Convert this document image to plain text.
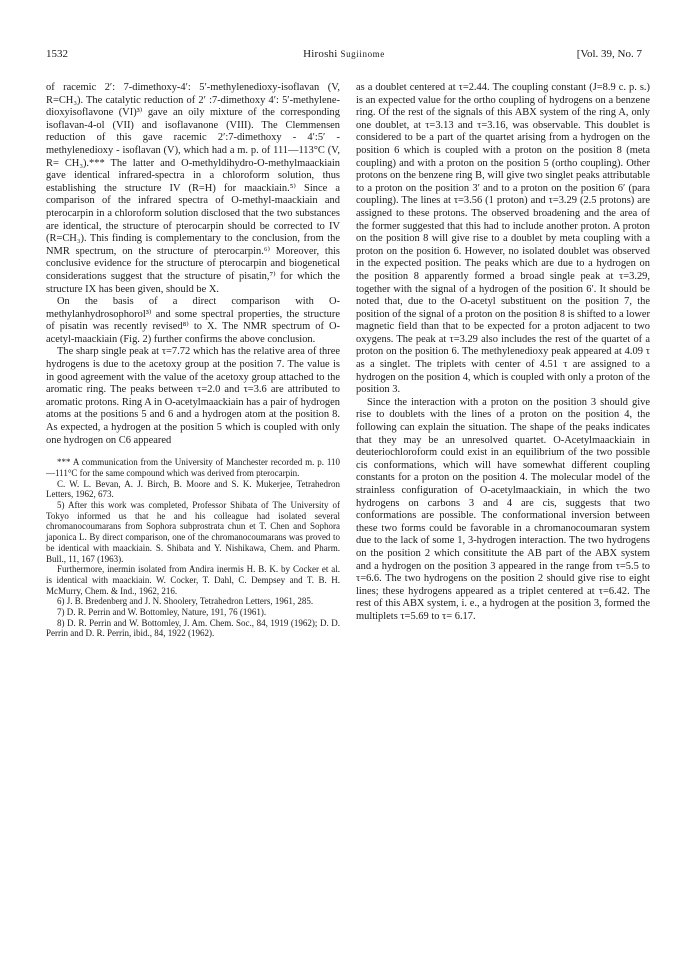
1532	Hiroshi Sugiinome	[Vol. 39, No. 7

of racemic 2′: 7-dimethoxy-4′: 5′-methylenedioxy-isoflavan (V, R=CH₃). The catalytic reduction of 2′ :7-dimethoxy 4′: 5′-methylene-dioxyisoflavone (VI)³⁾ gave an oily mixture of the corresponding isoflavan-4-ol (VII) and isoflavanone (VIII). The Clemmensen reduction of this gave racemic 2′:7-dimethoxy - 4′:5′ - methylenedioxy - isoflavan (V), which had a m. p. of 111—113°C (V, R= CH₃).*** The latter and O-methyldihydro-O-methylmaackiain gave identical infrared-spectra in a chloroform solution, thus establishing the structure IV (R=H) for maackiain.⁵⁾ Since a comparison of the infrared spectra of O-methyl-maackiain and pterocarpin in a chloroform solution disclosed that the two substances are identical, the structure of pterocarpin should be corrected to IV (R=CH₃). This finding is complementary to the conclusion, from the NMR spectrum, on the structure of pterocarpin.⁶⁾ Moreover, this conclusive evidence for the structure of pterocarpin and biogenetical considerations suggest that the structure of pisatin,⁷⁾ for which the structure IX has been given, should be X.

On the basis of a direct comparison with O-methylanhydrosophorol³⁾ and some spectral properties, the structure of pisatin was recently revised⁸⁾ to X. The NMR spectrum of O-acetyl-maackiain (Fig. 2) further confirms the above conclusion.

The sharp single peak at τ=7.72 which has the relative area of three hydrogens is due to the acetoxy group at the position 7. The value is in good agreement with the value of the acetoxy group attached to the aromatic ring. The peaks between τ=2.0 and τ=3.6 are attributed to aromatic protons. Ring A in O-acetylmaackiain has a pair of hydrogen atoms at the positions 5 and 6 and a hydrogen atom at the position 8. As expected, a hydrogen at the position 5 which is coupled with only one hydrogen on C6 appeared

*** A communication from the University of Manchester recorded m. p. 110—111°C for the same compound which was derived from pterocarpin.

C. W. L. Bevan, A. J. Birch, B. Moore and S. K. Mukerjee, Tetrahedron Letters, 1962, 673.

5) After this work was completed, Professor Shibata of The University of Tokyo informed us that he and his colleague had isolated several chromanocoumarans from Sophora subprostrata chun et T. Chen and Sophora japonica L. By direct comparison, one of the chromanocoumarans was proved to be identical with maackiain. S. Shibata and Y. Nishikawa, Chem. and Pharm. Bull., 11, 167 (1963).

Furthermore, inermin isolated from Andira inermis H. B. K. by Cocker et al. is identical with maackiain. W. Cocker, T. Dahl, C. Dempsey and T. B. H. McMurry, Chem. & Ind., 1962, 216.

6) J. B. Bredenberg and J. N. Shoolery, Tetrahedron Letters, 1961, 285.

7) D. R. Perrin and W. Bottomley, Nature, 191, 76 (1961).

8) D. R. Perrin and W. Bottomley, J. Am. Chem. Soc., 84, 1919 (1962); D. D. Perrin and D. R. Perrin, ibid., 84, 1922 (1962).

as a doublet centered at τ=2.44. The coupling constant (J=8.9 c. p. s.) is an expected value for the ortho coupling of hydrogens on a benzene ring. Of the rest of the signals of this ABX system of the ring A, only one doublet, at τ=3.13 and τ=3.16, was observable. This doublet is considered to be a part of the quartet arising from a hydrogen on the position 6 which is coupled with a proton on the position 8 (meta coupling) and with a proton on the position 5 (ortho coupling). Other protons on the benzene ring B, will give two singlet peaks attributable to a proton on the position 3′ and to a proton on the position 6′ (para coupling). The lines at τ=3.56 (1 proton) and τ=3.29 (2.5 protons) are assigned to these protons. The observed broadening and the area of the former suggested that this had to include another proton. A proton on the position 8 will give rise to a doublet by meta coupling with a proton on the position 6. However, no isolated doublet was observed in the expected position. The peaks which are due to a hydrogen on the position 8 apparently formed a broad single peak at τ=3.29, together with the signal of a hydrogen of the position 6′. It should be noted that, due to the O-acetyl substituent on the position 7, the position of the signal of a proton on the position 8 is shifted to a lower magnetic field than that to be expected for a proton adjacent to two oxygens. The peak at τ=3.29 also includes the rest of the quartet of a proton on the position 6. The methylenedioxy peak appeared at 4.09 τ as a singlet. The triplets with center of 4.51 τ are assigned to a hydrogen on the position 4, which is coupled with only a proton of the position 3.

Since the interaction with a proton on the position 3 should give rise to doublets with the lines of a proton on the position 4, the following can explain the situation. The shape of the peaks indicates that they may be an unresolved quartet. O-Acetylmaackiain in deuteriochloroform could exist in an equilibrium of the two possible cis conformations, which will have somewhat different coupling constants for a proton on the position 4. The molecular model of the strainless configuration of O-acetylmaackiain, in which the two hydrogens on carbons 3 and 4 are cis, suggests that two conformations are possible. The conformational inversion between these two forms could be favorable in a chromanocoumaran system due to the lack of some 1, 3-hydrogen interaction. The two hydrogens on the position 2 which consititute the AB part of the ABX system and a hydrogen on the position 3 appeared in the range from τ=5.5 to τ=6.6. The two hydrogens on the position 2 should give rise to eight lines; these hydrogens appeared as a triplet centered at τ=6.42. The rest of this ABX system, i. e., a hydrogen at the position 3, formed the multiplets τ=5.69 to τ= 6.17.
